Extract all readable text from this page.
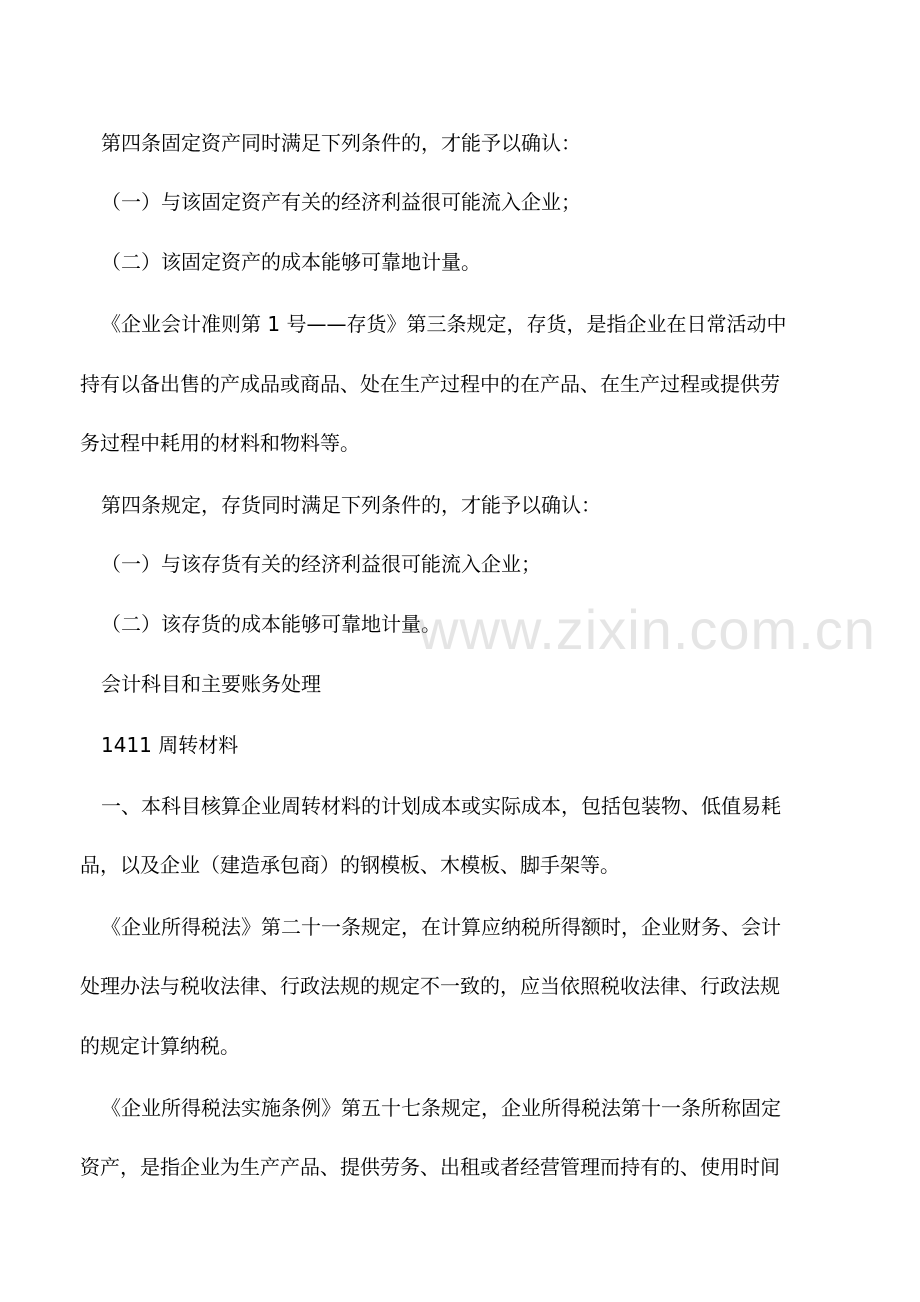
第四条固定资产同时满足下列条件的，才能予以确认：
（一）与该固定资产有关的经济利益很可能流入企业；
（二）该固定资产的成本能够可靠地计量。
《企业会计准则第 1 号——存货》第三条规定，存货，是指企业在日常活动中
持有以备出售的产成品或商品、处在生产过程中的在产品、在生产过程或提供劳
务过程中耗用的材料和物料等。
第四条规定，存货同时满足下列条件的，才能予以确认：
（一）与该存货有关的经济利益很可能流入企业；
（二）该存货的成本能够可靠地计量。
会计科目和主要账务处理
1411 周转材料
一、本科目核算企业周转材料的计划成本或实际成本，包括包装物、低值易耗
品，以及企业（建造承包商）的钢模板、木模板、脚手架等。
《企业所得税法》第二十一条规定，在计算应纳税所得额时，企业财务、会计
处理办法与税收法律、行政法规的规定不一致的，应当依照税收法律、行政法规
的规定计算纳税。
《企业所得税法实施条例》第五十七条规定，企业所得税法第十一条所称固定
资产，是指企业为生产产品、提供劳务、出租或者经营管理而持有的、使用时间
www.zixin.com.cn
